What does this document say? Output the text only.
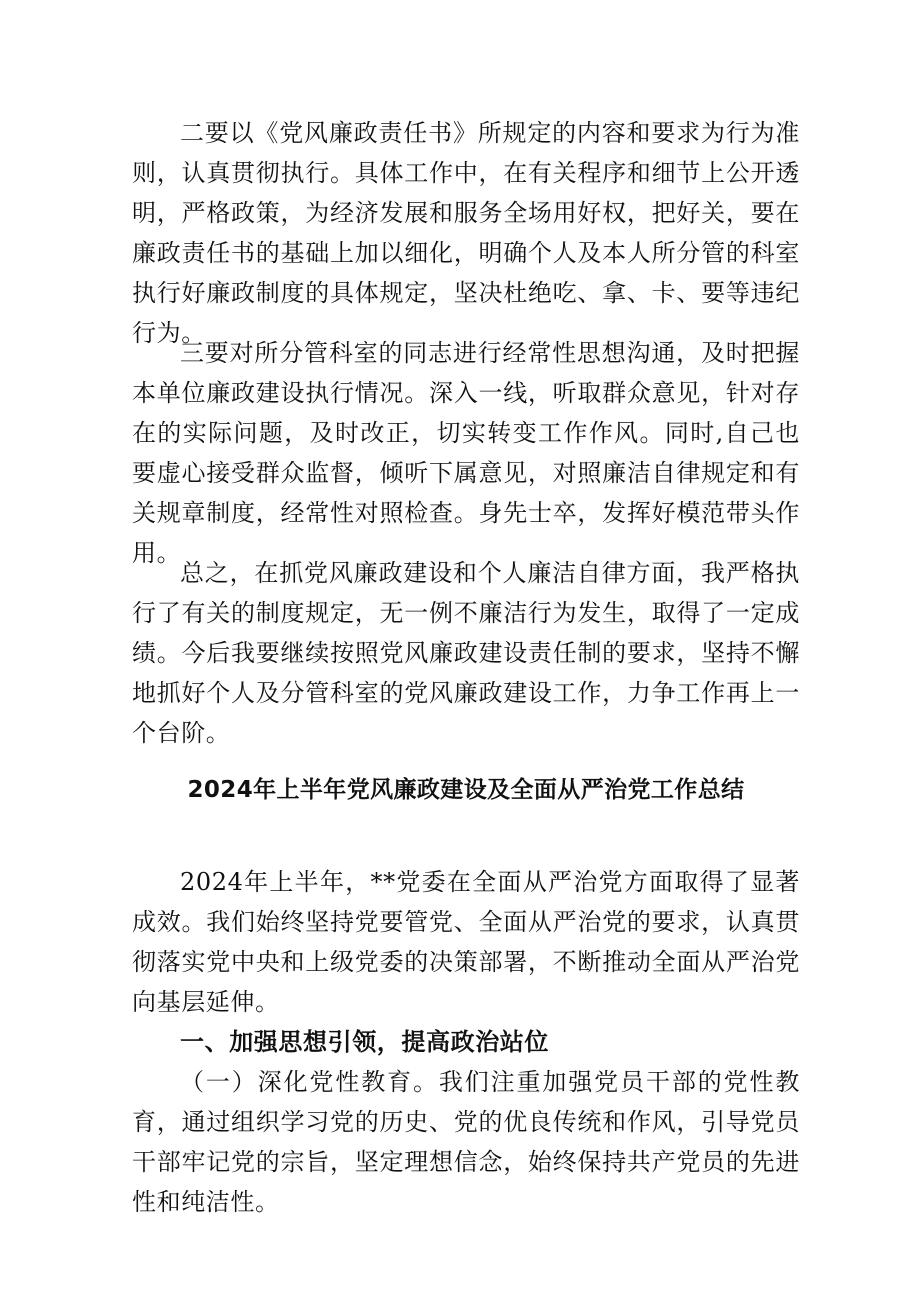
二要以《党风廉政责任书》所规定的内容和要求为行为准则，认真贯彻执行。具体工作中，在有关程序和细节上公开透明，严格政策，为经济发展和服务全场用好权，把好关，要在廉政责任书的基础上加以细化，明确个人及本人所分管的科室执行好廉政制度的具体规定，坚决杜绝吃、拿、卡、要等违纪行为。

三要对所分管科室的同志进行经常性思想沟通，及时把握本单位廉政建设执行情况。深入一线，听取群众意见，针对存在的实际问题，及时改正，切实转变工作作风。同时,自己也要虚心接受群众监督，倾听下属意见，对照廉洁自律规定和有关规章制度，经常性对照检查。身先士卒，发挥好模范带头作用。

总之，在抓党风廉政建设和个人廉洁自律方面，我严格执行了有关的制度规定，无一例不廉洁行为发生，取得了一定成绩。今后我要继续按照党风廉政建设责任制的要求，坚持不懈地抓好个人及分管科室的党风廉政建设工作，力争工作再上一个台阶。

2024年上半年党风廉政建设及全面从严治党工作总结

2024年上半年，**党委在全面从严治党方面取得了显著成效。我们始终坚持党要管党、全面从严治党的要求，认真贯彻落实党中央和上级党委的决策部署，不断推动全面从严治党向基层延伸。

一、加强思想引领，提高政治站位

（一）深化党性教育。我们注重加强党员干部的党性教育，通过组织学习党的历史、党的优良传统和作风，引导党员干部牢记党的宗旨，坚定理想信念，始终保持共产党员的先进性和纯洁性。
